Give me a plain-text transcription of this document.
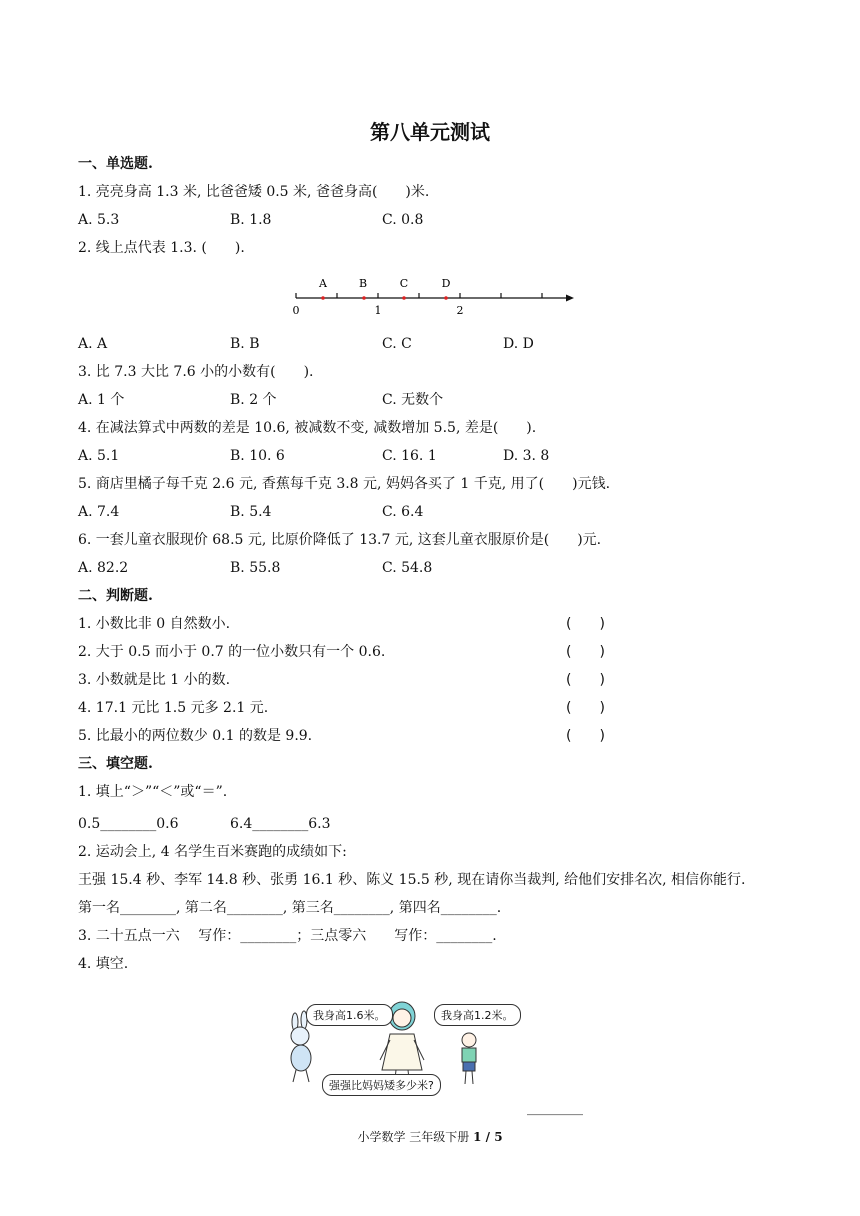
第八单元测试
一、单选题.
1. 亮亮身高 1.3 米, 比爸爸矮 0.5 米, 爸爸身高(　　)米.
A. 5.3	B. 1.8	C. 0.8
2. 线上点代表 1.3. (　　).
A	B	C	D
0	1	2
A. A	B. B	C. C	D. D
3. 比 7.3 大比 7.6 小的小数有(　　).
A. 1 个	B. 2 个	C. 无数个
4. 在减法算式中两数的差是 10.6, 被减数不变, 减数增加 5.5, 差是(　　).
A. 5.1	B. 10. 6	C. 16. 1	D. 3. 8
5. 商店里橘子每千克 2.6 元, 香蕉每千克 3.8 元, 妈妈各买了 1 千克, 用了(　　)元钱.
A. 7.4	B. 5.4	C. 6.4
6. 一套儿童衣服现价 68.5 元, 比原价降低了 13.7 元, 这套儿童衣服原价是(　　)元.
A. 82.2	B. 55.8	C. 54.8
二、判断题.
1. 小数比非 0 自然数小.	(　　)
2. 大于 0.5 而小于 0.7 的一位小数只有一个 0.6.	(　　)
3. 小数就是比 1 小的数.	(　　)
4. 17.1 元比 1.5 元多 2.1 元.	(　　)
5. 比最小的两位数少 0.1 的数是 9.9.	(　　)
三、填空题.
1. 填上“＞”“＜”或“＝”.
0.5________0.6	6.4________6.3
2. 运动会上, 4 名学生百米赛跑的成绩如下:
王强 15.4 秒、李军 14.8 秒、张勇 16.1 秒、陈义 15.5 秒, 现在请你当裁判, 给他们安排名次, 相信你能行.
第一名________, 第二名________, 第三名________, 第四名________.
3. 二十五点一六　 写作：________；三点零六　　写作：________.
4. 填空.
我身高1.6米。	我身高1.2米。
强强比妈妈矮多少米?
________
小学数学 三年级下册 1 / 5
